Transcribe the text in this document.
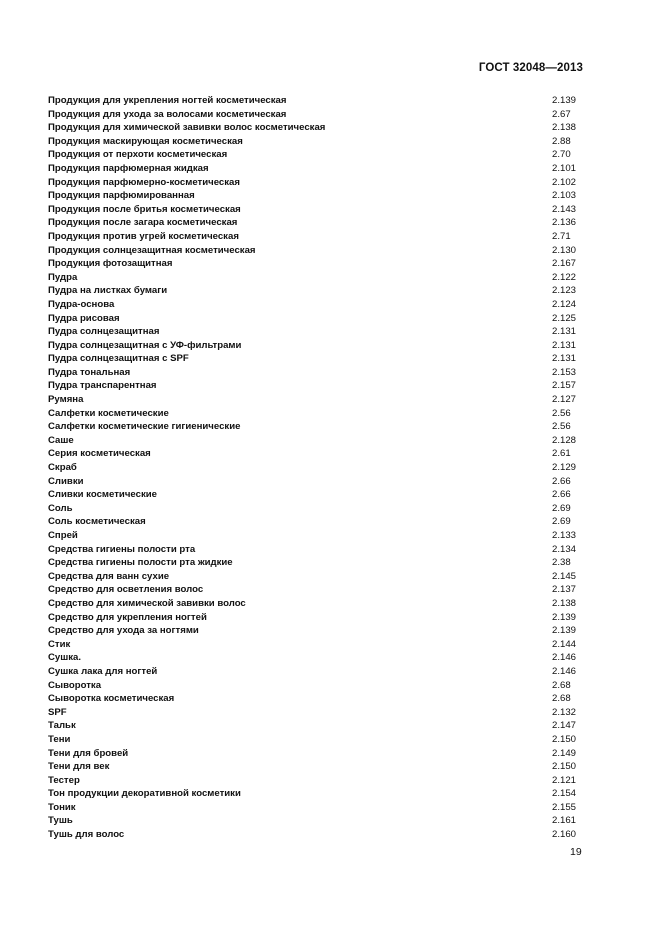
ГОСТ 32048—2013
Продукция для укрепления ногтей косметическая	2.139
Продукция для ухода за волосами косметическая	2.67
Продукция для химической завивки волос косметическая	2.138
Продукция маскирующая косметическая	2.88
Продукция от перхоти косметическая	2.70
Продукция парфюмерная жидкая	2.101
Продукция парфюмерно-косметическая	2.102
Продукция парфюмированная	2.103
Продукция после бритья косметическая	2.143
Продукция после загара косметическая	2.136
Продукция против угрей косметическая	2.71
Продукция солнцезащитная косметическая	2.130
Продукция фотозащитная	2.167
Пудра	2.122
Пудра на листках бумаги	2.123
Пудра-основа	2.124
Пудра рисовая	2.125
Пудра солнцезащитная	2.131
Пудра солнцезащитная с УФ-фильтрами	2.131
Пудра солнцезащитная с SPF	2.131
Пудра тональная	2.153
Пудра транспарентная	2.157
Румяна	2.127
Салфетки косметические	2.56
Салфетки косметические гигиенические	2.56
Саше	2.128
Серия косметическая	2.61
Скраб	2.129
Сливки	2.66
Сливки косметические	2.66
Соль	2.69
Соль косметическая	2.69
Спрей	2.133
Средства гигиены полости рта	2.134
Средства гигиены полости рта жидкие	2.38
Средства для ванн сухие	2.145
Средство для осветления волос	2.137
Средство для химической завивки волос	2.138
Средство для укрепления ногтей	2.139
Средство для ухода за ногтями	2.139
Стик	2.144
Сушка.	2.146
Сушка лака для ногтей	2.146
Сыворотка	2.68
Сыворотка косметическая	2.68
SPF	2.132
Тальк	2.147
Тени	2.150
Тени для бровей	2.149
Тени для век	2.150
Тестер	2.121
Тон продукции декоративной косметики	2.154
Тоник	2.155
Тушь	2.161
Тушь для волос	2.160
19
